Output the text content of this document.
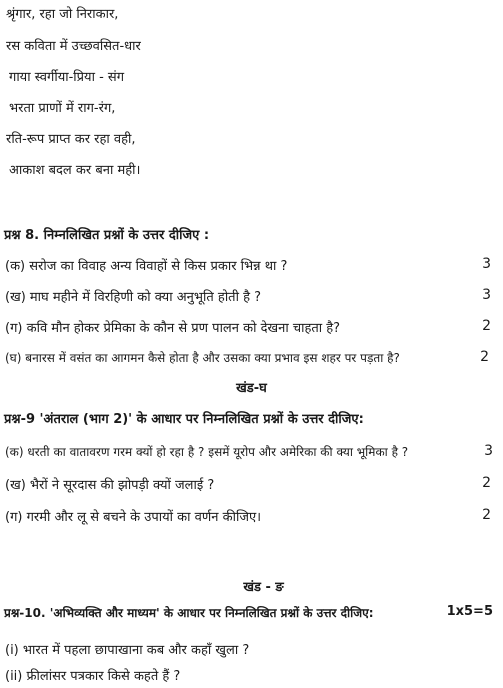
श्रृंगार, रहा जो निराकार,
रस कविता में उच्छवसित-धार
गाया स्वर्गीया-प्रिया - संग
भरता प्राणों में राग-रंग,
रति-रूप प्राप्त कर रहा वही,
आकाश बदल कर बना मही।
प्रश्न 8. निम्नलिखित प्रश्नों के उत्तर दीजिए :
(क) सरोज का विवाह अन्य विवाहों से किस प्रकार भिन्न था ?	3
(ख) माघ महीने में विरहिणी को क्या अनुभूति होती है ?	3
(ग) कवि मौन होकर प्रेमिका के कौन से प्रण पालन को देखना चाहता है?	2
(घ) बनारस में वसंत का आगमन कैसे होता है और उसका क्या प्रभाव इस शहर पर पड़ता है?	2
खंड-घ
प्रश्न-9 'अंतराल (भाग 2)' के आधार पर निम्नलिखित प्रश्नों के उत्तर दीजिए:
(क) धरती का वातावरण गरम क्यों हो रहा है ? इसमें यूरोप और अमेरिका की क्या भूमिका है ?	3
(ख) भैरों ने सूरदास की झोपड़ी क्यों जलाई ?	2
(ग) गरमी और लू से बचने के उपायों का वर्णन कीजिए।	2
खंड - ङ
प्रश्न-10. 'अभिव्यक्ति और माध्यम' के आधार पर निम्नलिखित प्रश्नों के उत्तर दीजिए:	1x5=5
(i) भारत में पहला छापाखाना कब और कहाँ खुला ?
(ii) फ्रीलांसर पत्रकार किसे कहते हैं ?
